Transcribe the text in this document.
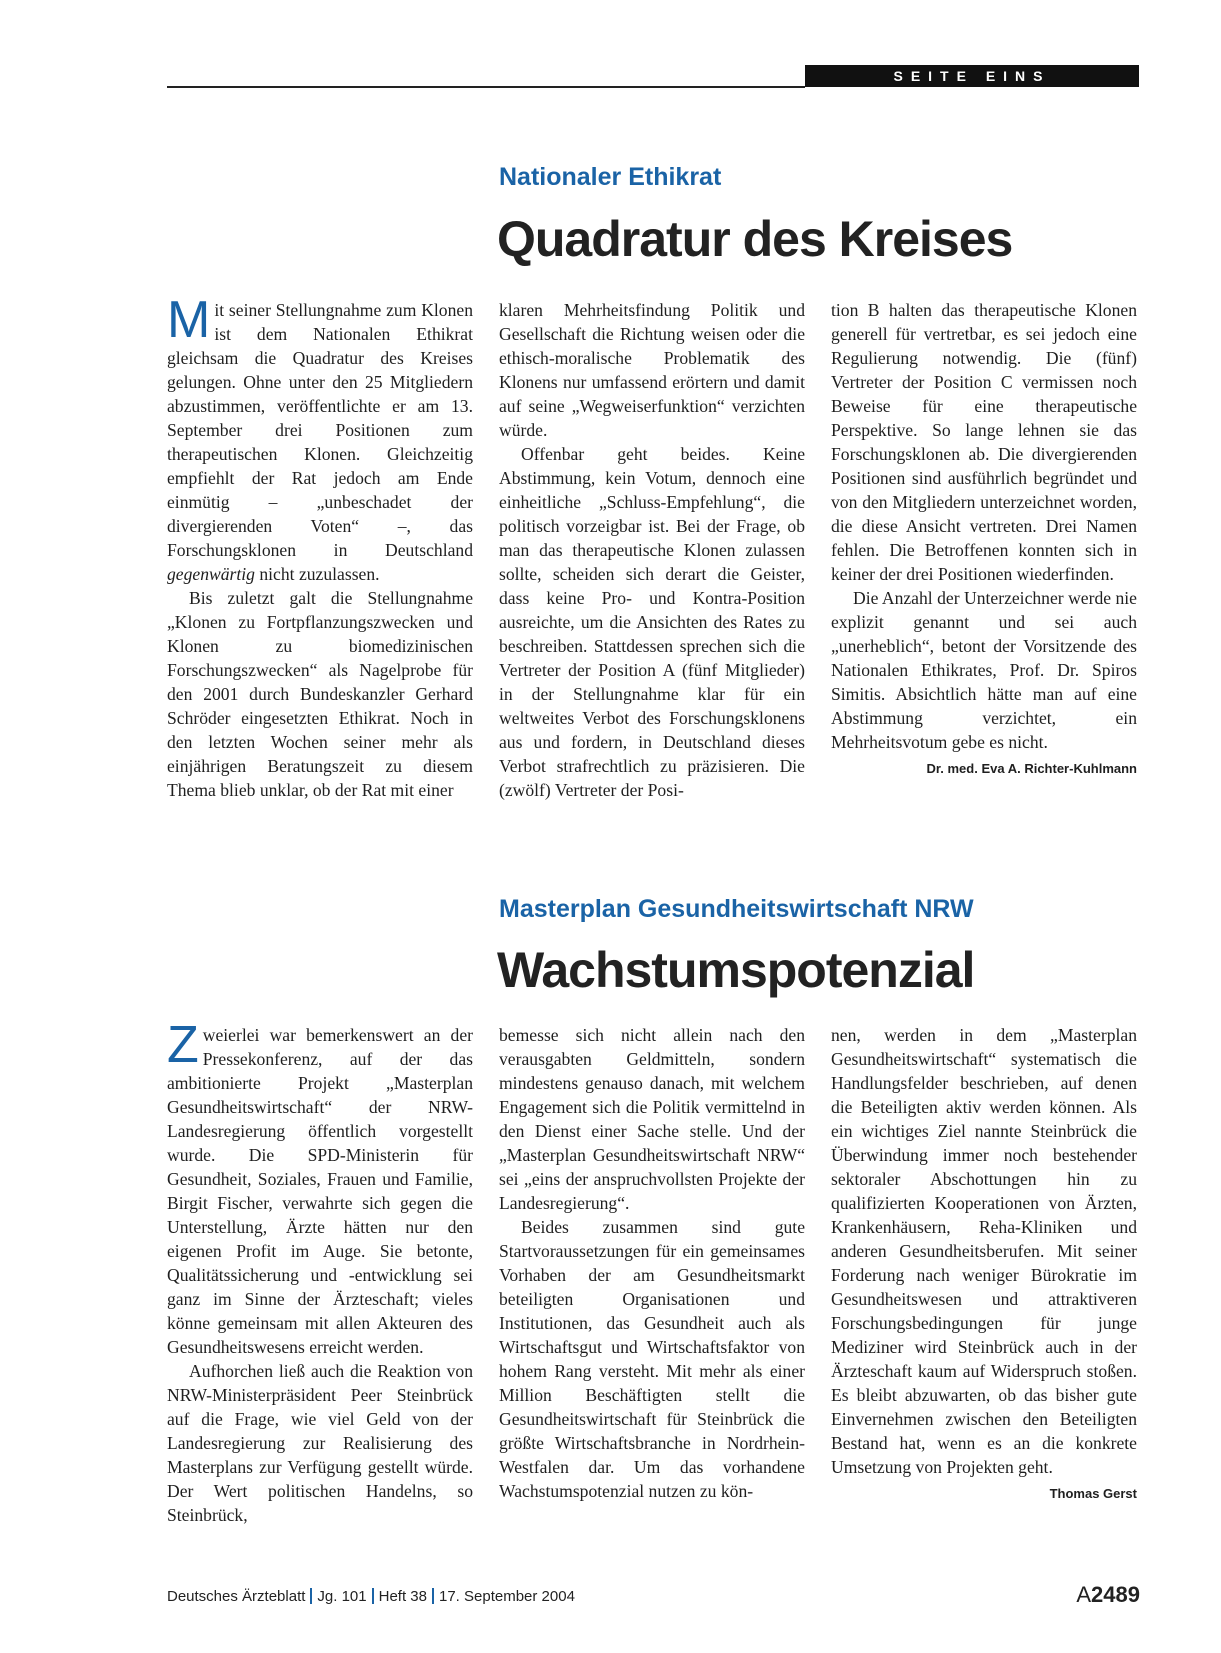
SEITE EINS
Nationaler Ethikrat
Quadratur des Kreises

Mit seiner Stellungnahme zum Klonen ist dem Nationalen Ethikrat gleichsam die Quadratur des Kreises gelungen. Ohne unter den 25 Mitgliedern abzustimmen, veröffentlichte er am 13. September drei Positionen zum therapeutischen Klonen. Gleichzeitig empfiehlt der Rat jedoch am Ende einmütig – „unbeschadet der divergierenden Voten“ –, das Forschungsklonen in Deutschland gegenwärtig nicht zuzulassen.

Bis zuletzt galt die Stellungnahme „Klonen zu Fortpflanzungszwecken und Klonen zu biomedizinischen Forschungszwecken“ als Nagelprobe für den 2001 durch Bundeskanzler Gerhard Schröder eingesetzten Ethikrat. Noch in den letzten Wochen seiner mehr als einjährigen Beratungszeit zu diesem Thema blieb unklar, ob der Rat mit einer

klaren Mehrheitsfindung Politik und Gesellschaft die Richtung weisen oder die ethisch-moralische Problematik des Klonens nur umfassend erörtern und damit auf seine „Wegweiserfunktion“ verzichten würde.

Offenbar geht beides. Keine Abstimmung, kein Votum, dennoch eine einheitliche „Schluss-Empfehlung“, die politisch vorzeigbar ist. Bei der Frage, ob man das therapeutische Klonen zulassen sollte, scheiden sich derart die Geister, dass keine Pro- und Kontra-Position ausreichte, um die Ansichten des Rates zu beschreiben. Stattdessen sprechen sich die Vertreter der Position A (fünf Mitglieder) in der Stellungnahme klar für ein weltweites Verbot des Forschungsklonens aus und fordern, in Deutschland dieses Verbot strafrechtlich zu präzisieren. Die (zwölf) Vertreter der Posi-

tion B halten das therapeutische Klonen generell für vertretbar, es sei jedoch eine Regulierung notwendig. Die (fünf) Vertreter der Position C vermissen noch Beweise für eine therapeutische Perspektive. So lange lehnen sie das Forschungsklonen ab. Die divergierenden Positionen sind ausführlich begründet und von den Mitgliedern unterzeichnet worden, die diese Ansicht vertreten. Drei Namen fehlen. Die Betroffenen konnten sich in keiner der drei Positionen wiederfinden.

Die Anzahl der Unterzeichner werde nie explizit genannt und sei auch „unerheblich“, betont der Vorsitzende des Nationalen Ethikrates, Prof. Dr. Spiros Simitis. Absichtlich hätte man auf eine Abstimmung verzichtet, ein Mehrheitsvotum gebe es nicht.
Dr. med. Eva A. Richter-Kuhlmann

Masterplan Gesundheitswirtschaft NRW
Wachstumspotenzial

Zweierlei war bemerkenswert an der Pressekonferenz, auf der das ambitionierte Projekt „Masterplan Gesundheitswirtschaft“ der NRW-Landesregierung öffentlich vorgestellt wurde. Die SPD-Ministerin für Gesundheit, Soziales, Frauen und Familie, Birgit Fischer, verwahrte sich gegen die Unterstellung, Ärzte hätten nur den eigenen Profit im Auge. Sie betonte, Qualitätssicherung und -entwicklung sei ganz im Sinne der Ärzteschaft; vieles könne gemeinsam mit allen Akteuren des Gesundheitswesens erreicht werden.

Aufhorchen ließ auch die Reaktion von NRW-Ministerpräsident Peer Steinbrück auf die Frage, wie viel Geld von der Landesregierung zur Realisierung des Masterplans zur Verfügung gestellt würde. Der Wert politischen Handelns, so Steinbrück,

bemesse sich nicht allein nach den verausgabten Geldmitteln, sondern mindestens genauso danach, mit welchem Engagement sich die Politik vermittelnd in den Dienst einer Sache stelle. Und der „Masterplan Gesundheitswirtschaft NRW“ sei „eins der anspruchvollsten Projekte der Landesregierung“.

Beides zusammen sind gute Startvoraussetzungen für ein gemeinsames Vorhaben der am Gesundheitsmarkt beteiligten Organisationen und Institutionen, das Gesundheit auch als Wirtschaftsgut und Wirtschaftsfaktor von hohem Rang versteht. Mit mehr als einer Million Beschäftigten stellt die Gesundheitswirtschaft für Steinbrück die größte Wirtschaftsbranche in Nordrhein-Westfalen dar. Um das vorhandene Wachstumspotenzial nutzen zu kön-

nen, werden in dem „Masterplan Gesundheitswirtschaft“ systematisch die Handlungsfelder beschrieben, auf denen die Beteiligten aktiv werden können. Als ein wichtiges Ziel nannte Steinbrück die Überwindung immer noch bestehender sektoraler Abschottungen hin zu qualifizierten Kooperationen von Ärzten, Krankenhäusern, Reha-Kliniken und anderen Gesundheitsberufen. Mit seiner Forderung nach weniger Bürokratie im Gesundheitswesen und attraktiveren Forschungsbedingungen für junge Mediziner wird Steinbrück auch in der Ärzteschaft kaum auf Widerspruch stoßen. Es bleibt abzuwarten, ob das bisher gute Einvernehmen zwischen den Beteiligten Bestand hat, wenn es an die konkrete Umsetzung von Projekten geht.
Thomas Gerst

Deutsches Ärzteblatt Jg. 101 Heft 38 17. September 2004	A2489
